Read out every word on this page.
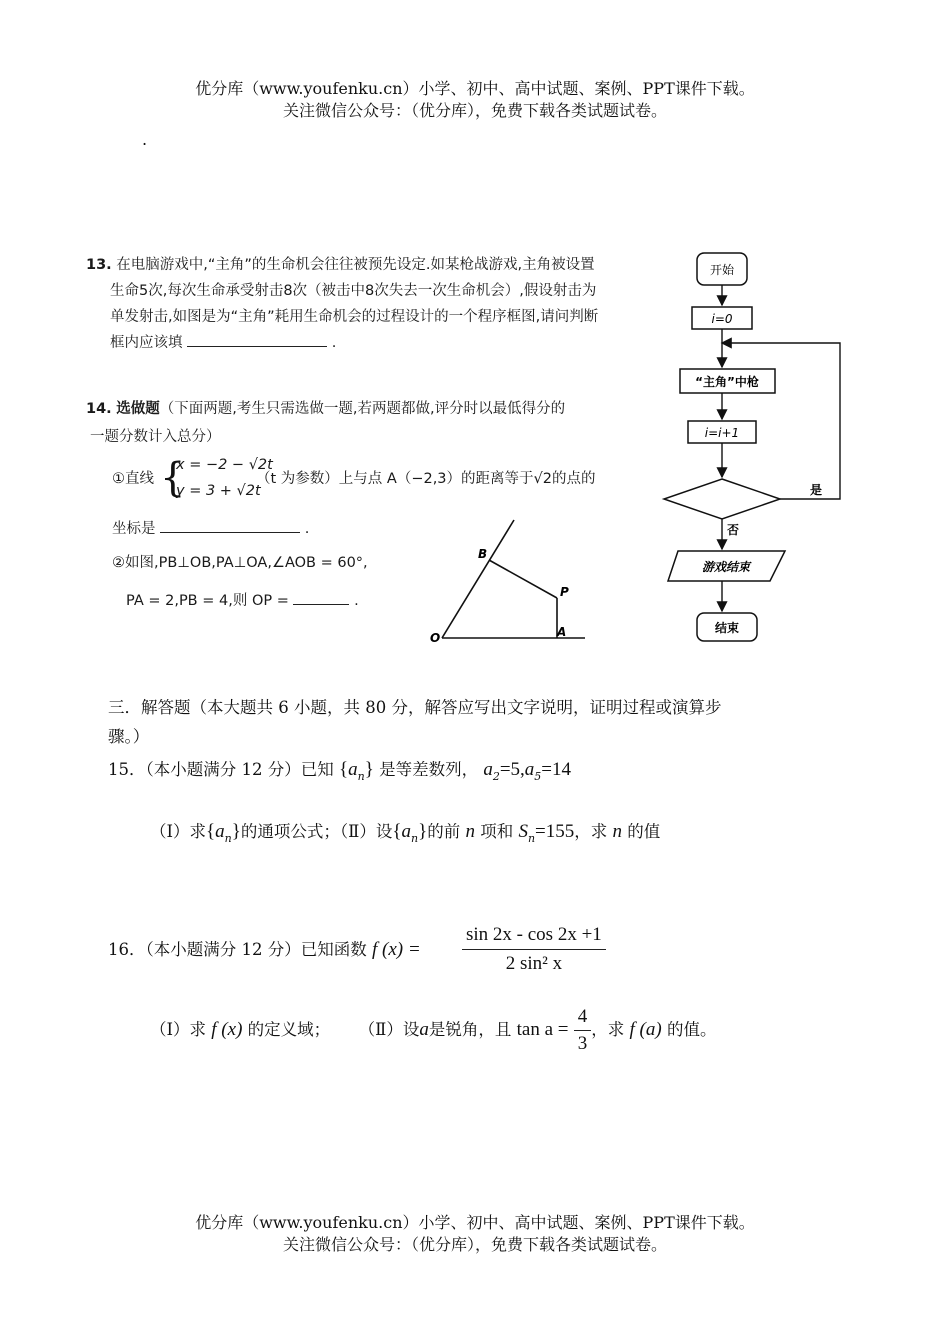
优分库（www.youfenku.cn）小学、初中、高中试题、案例、PPT课件下载。
关注微信公众号：（优分库），免费下载各类试题试卷。
.
13. 在电脑游戏中,“主角”的生命机会往往被预先设定.如某枪战游戏,主角被设置
生命5次,每次生命承受射击8次（被击中8次失去一次生命机会）,假设射击为
单发射击,如图是为“主角”耗用生命机会的过程设计的一个程序框图,请问判断
框内应该填	.
14. 选做题（下面两题,考生只需选做一题,若两题都做,评分时以最低得分的
一题分数计入总分）
①直线 {
x = −2 − √2t
y = 3 + √2t
（t 为参数）上与点 A（−2,3）的距离等于√2的点的
坐标是	.
②如图,PB⊥OB,PA⊥OA,∠AOB = 60°,
PA = 2,PB = 4,则 OP =	.
B
P
O	A
开始
i=0
“主角”中枪
i=i+1
是
否
游戏结束
结束
三．解答题（本大题共 6 小题，共 80 分，解答应写出文字说明，证明过程或演算步
骤。）
15．（本小题满分 12 分）已知 $\{a_n\}$ 是等差数列， $a_2=5,a_5=14$
（Ⅰ）求$\{a_n\}$的通项公式；（Ⅱ）设$\{a_n\}$的前 n 项和 $S_n=155$，求 n 的值
16．（本小题满分 12 分）已知函数 f $(x) = \frac{\sin 2x - \cos 2x +1}{\text{2 sin² x}}$
（Ⅰ）求 f (x) 的定义域； （Ⅱ）设a是锐角，且 $\tan a = \frac{4}{3}$ ，求 f (a) 的值。
优分库（www.youfenku.cn）小学、初中、高中试题、案例、PPT课件下载。
关注微信公众号：（优分库），免费下载各类试题试卷。
